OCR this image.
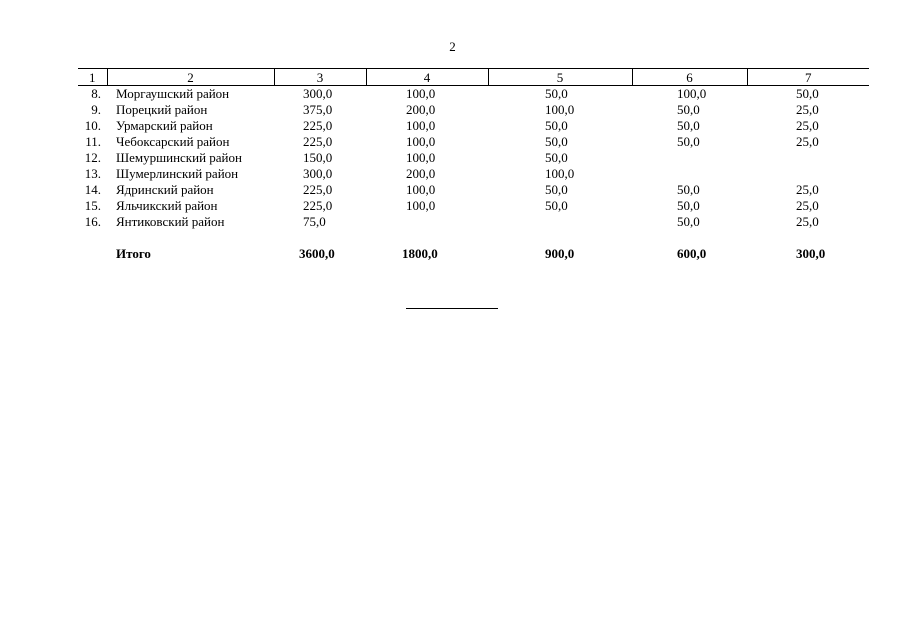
2
1	2	3	4	5	6	7
8.	Моргаушский район	300,0	100,0	50,0	100,0	50,0
9.	Порецкий район	375,0	200,0	100,0	50,0	25,0
10.	Урмарский район	225,0	100,0	50,0	50,0	25,0
11.	Чебоксарский район	225,0	100,0	50,0	50,0	25,0
12.	Шемуршинский район	150,0	100,0	50,0		
13.	Шумерлинский район	300,0	200,0	100,0		
14.	Ядринский район	225,0	100,0	50,0	50,0	25,0
15.	Яльчикский район	225,0	100,0	50,0	50,0	25,0
16.	Янтиковский район	75,0			50,0	25,0

	Итого	3600,0	1800,0	900,0	600,0	300,0
